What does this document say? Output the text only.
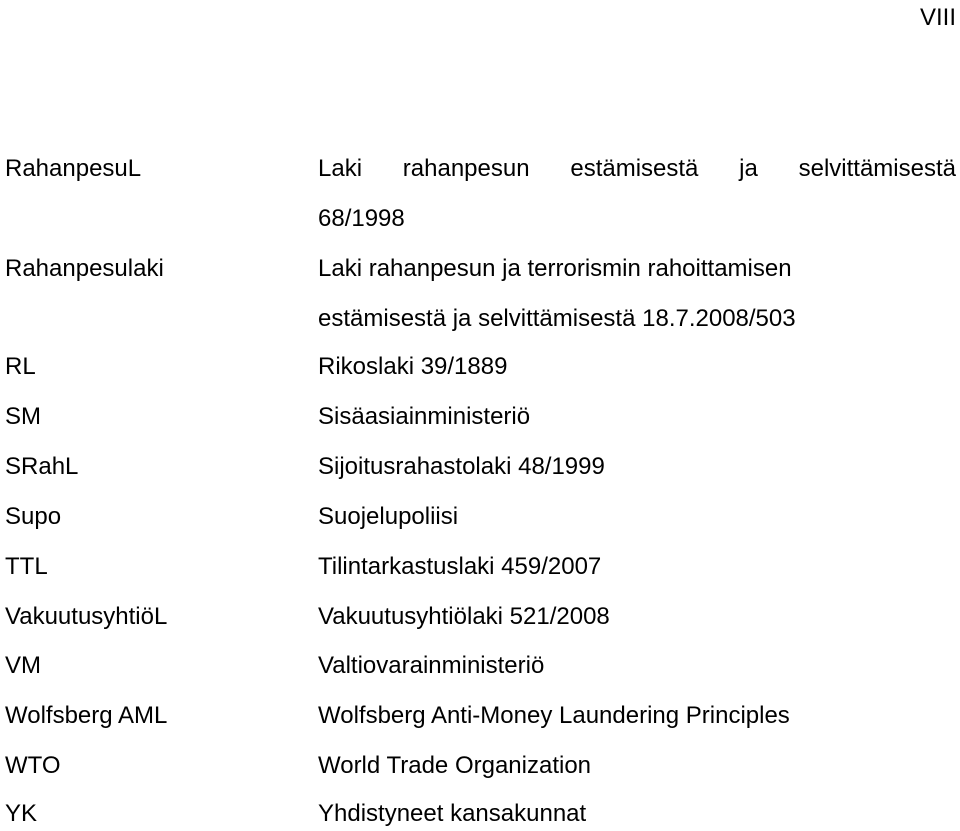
VIII
RahanpesuL	Laki rahanpesun estämisestä ja selvittämisestä
68/1998
Rahanpesulaki	Laki rahanpesun ja terrorismin rahoittamisen
estämisestä ja selvittämisestä 18.7.2008/503
RL	Rikoslaki 39/1889
SM	Sisäasiainministeriö
SRahL	Sijoitusrahastolaki 48/1999
Supo	Suojelupoliisi
TTL	Tilintarkastuslaki 459/2007
VakuutusyhtiöL	Vakuutusyhtiölaki 521/2008
VM	Valtiovarainministeriö
Wolfsberg AML	Wolfsberg Anti-Money Laundering Principles
WTO	World Trade Organization
YK	Yhdistyneet kansakunnat
